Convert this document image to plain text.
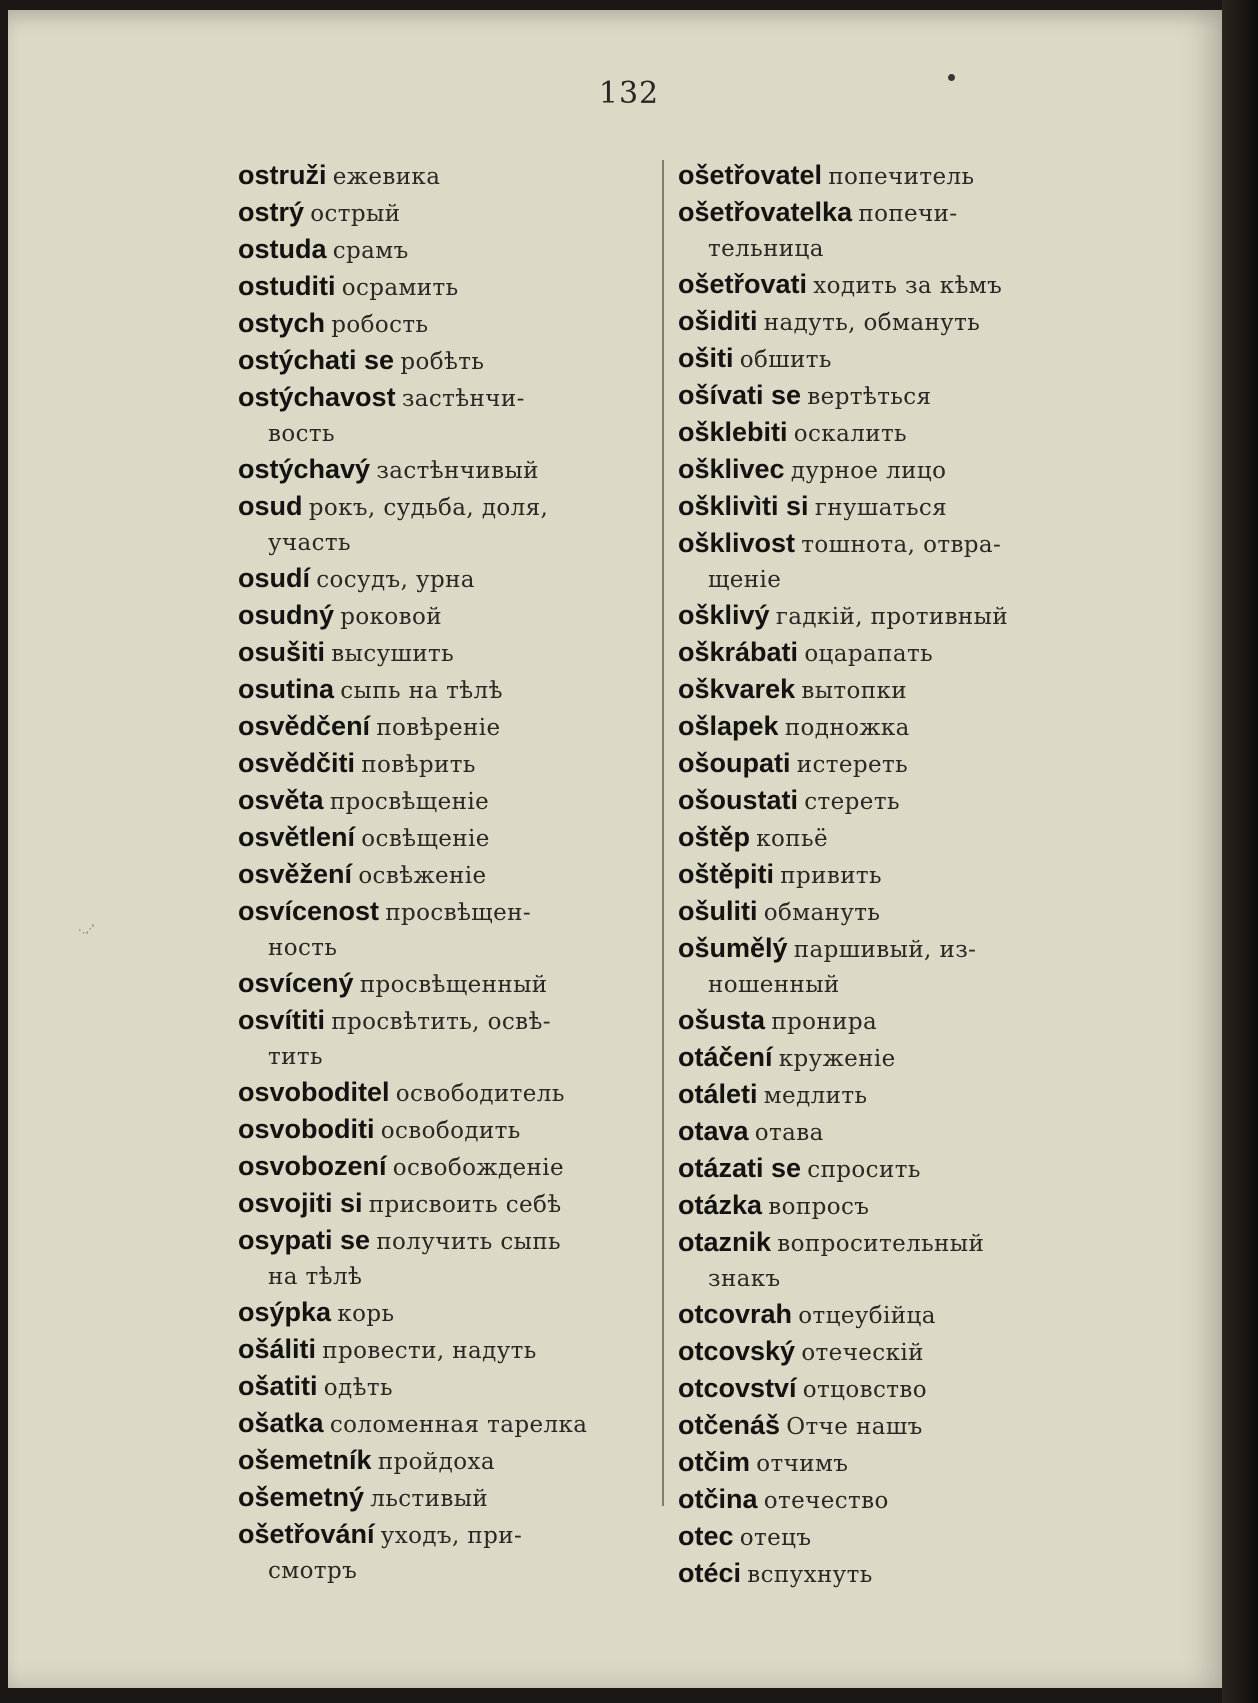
132
·.,·'
ostruži ежевика
ostrý острый
ostuda срамъ
ostuditi осрамить
ostych робость
ostýchati se робѣть
ostýchavost застѣнчи-
вость
ostýchavý застѣнчивый
osud рокъ, судьба, доля,
участь
osudí сосудъ, урна
osudný роковой
osušiti высушить
osutina сыпь на тѣлѣ
osvědčení повѣреніе
osvědčiti повѣрить
osvěta просвѣщеніе
osvětlení освѣщеніе
osvěžení освѣженіе
osvícenost просвѣщен-
ность
osvícený просвѣщенный
osvítiti просвѣтить, освѣ-
тить
osvoboditel освободитель
osvoboditi освободить
osvobození освобожденіе
osvojiti si присвоить себѣ
osypati se получить сыпь
на тѣлѣ
osýpka корь
ošáliti провести, надуть
ošatiti одѣть
ošatka соломенная тарелка
ošemetník пройдоха
ošemetný льстивый
ošetřování уходъ, при-
смотръ
ošetřovatel попечитель
ošetřovatelka попечи-
тельница
ošetřovati ходить за кѣмъ
ošiditi надуть, обмануть
ošiti обшить
ošívati se вертѣться
ošklebiti оскалить
ošklivec дурное лицо
ošklivìti si гнушаться
ošklivost тошнота, отвра-
щеніе
ošklivý гадкій, противный
oškrábati оцарапать
oškvarek вытопки
ošlapek подножка
ošoupati истереть
ošoustati стереть
oštěp копьё
oštěpiti привить
ošuliti обмануть
ošumělý паршивый, из-
ношенный
ošusta пронира
otáčení круженіе
otáleti медлить
otava отава
otázati se спросить
otázka вопросъ
otaznik вопросительный
знакъ
otcovrah отцеубійца
otcovský отеческій
otcovství отцовство
otčenáš Отче нашъ
otčim отчимъ
otčina отечество
otec отецъ
otéci вспухнуть
